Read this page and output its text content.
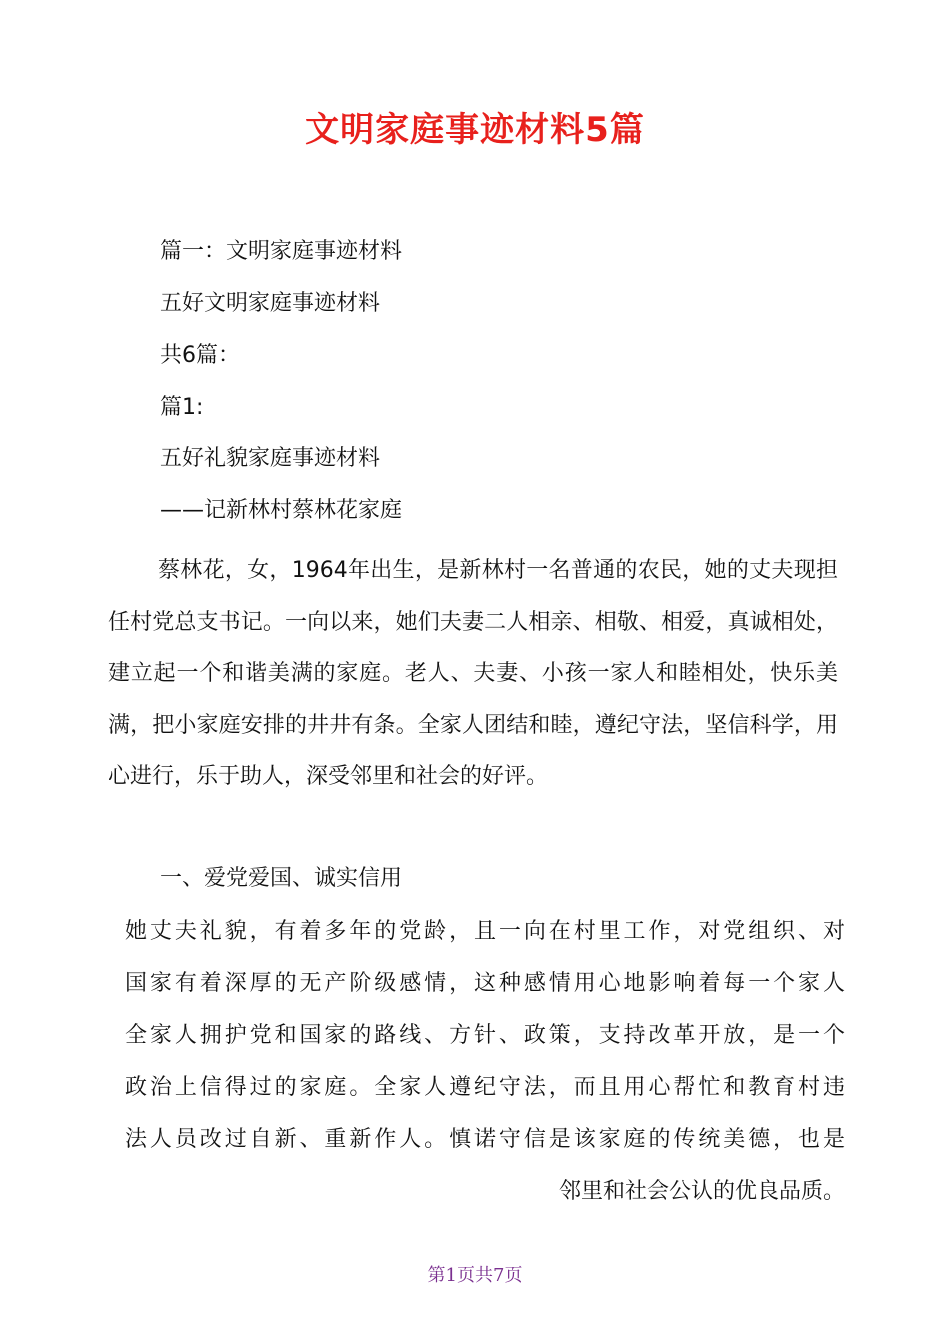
文明家庭事迹材料5篇
篇一：文明家庭事迹材料
五好文明家庭事迹材料
共6篇：
篇1:
五好礼貌家庭事迹材料
——记新林村蔡林花家庭
蔡林花，女，1964年出生，是新林村一名普通的农民，她的丈夫现担任村党总支书记。一向以来，她们夫妻二人相亲、相敬、相爱，真诚相处，建立起一个和谐美满的家庭。老人、夫妻、小孩一家人和睦相处，快乐美满，把小家庭安排的井井有条。全家人团结和睦，遵纪守法，坚信科学，用心进行，乐于助人，深受邻里和社会的好评。
一、爱党爱国、诚实信用
她丈夫礼貌，有着多年的党龄，且一向在村里工作，对党组织、对
国家有着深厚的无产阶级感情，这种感情用心地影响着每一个家人
全家人拥护党和国家的路线、方针、政策，支持改革开放，是一个
政治上信得过的家庭。全家人遵纪守法，而且用心帮忙和教育村违
法人员改过自新、重新作人。慎诺守信是该家庭的传统美德，也是
邻里和社会公认的优良品质。
第1页共7页
